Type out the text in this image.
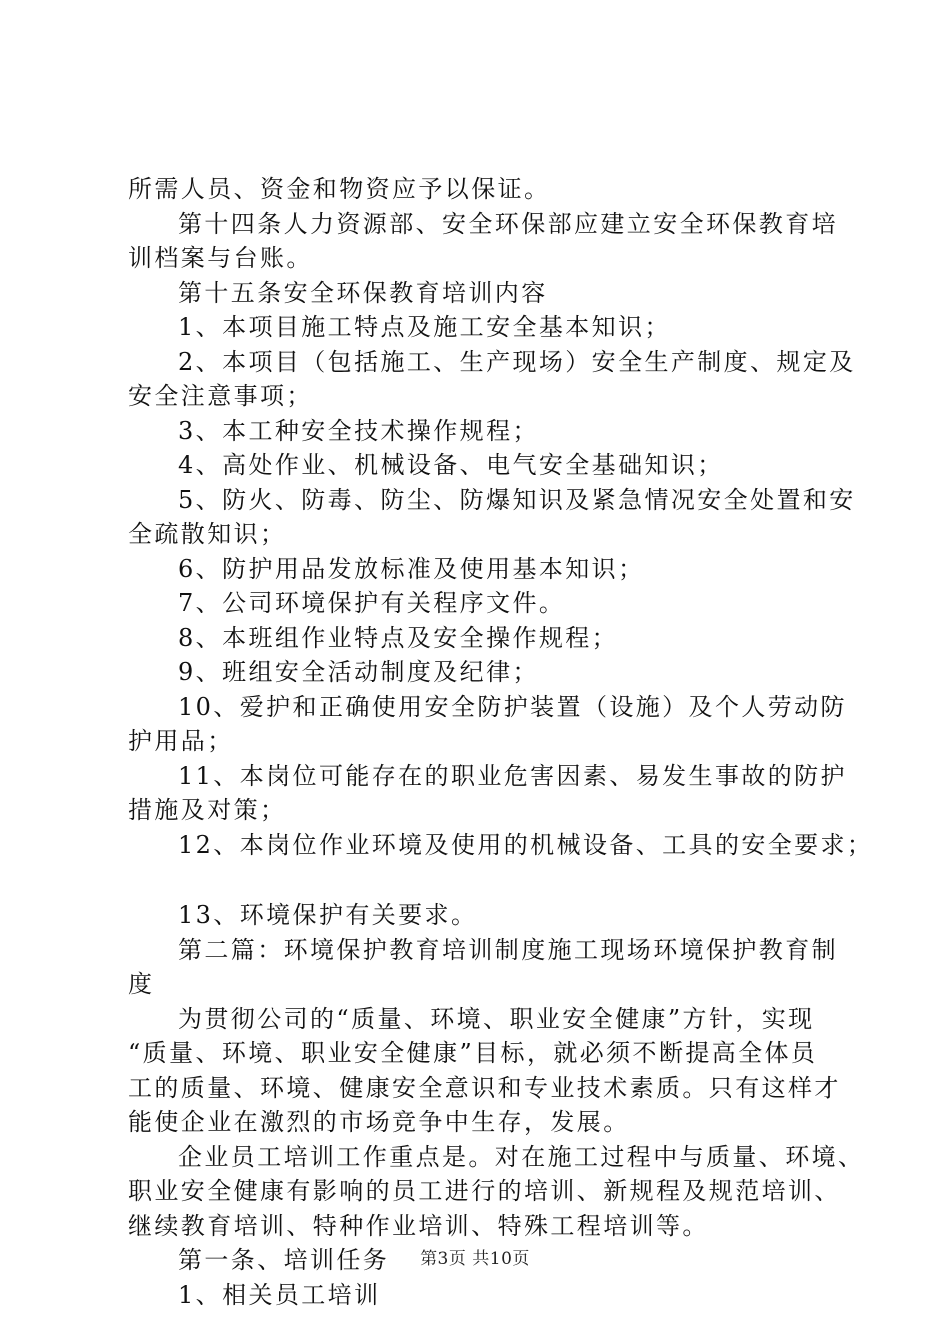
所需人员、资金和物资应予以保证。
第十四条人力资源部、安全环保部应建立安全环保教育培
训档案与台账。
第十五条安全环保教育培训内容
1、本项目施工特点及施工安全基本知识；
2、本项目（包括施工、生产现场）安全生产制度、规定及
安全注意事项；
3、本工种安全技术操作规程；
4、高处作业、机械设备、电气安全基础知识；
5、防火、防毒、防尘、防爆知识及紧急情况安全处置和安
全疏散知识；
6、防护用品发放标准及使用基本知识；
7、公司环境保护有关程序文件。
8、本班组作业特点及安全操作规程；
9、班组安全活动制度及纪律；
10、爱护和正确使用安全防护装置（设施）及个人劳动防
护用品；
11、本岗位可能存在的职业危害因素、易发生事故的防护
措施及对策；
12、本岗位作业环境及使用的机械设备、工具的安全要求；
13、环境保护有关要求。
第二篇：环境保护教育培训制度施工现场环境保护教育制
度
为贯彻公司的“质量、环境、职业安全健康”方针，实现
“质量、环境、职业安全健康”目标，就必须不断提高全体员
工的质量、环境、健康安全意识和专业技术素质。只有这样才
能使企业在激烈的市场竞争中生存，发展。
企业员工培训工作重点是。对在施工过程中与质量、环境、
职业安全健康有影响的员工进行的培训、新规程及规范培训、
继续教育培训、特种作业培训、特殊工程培训等。
第一条、培训任务
1、相关员工培训
第3页 共10页
